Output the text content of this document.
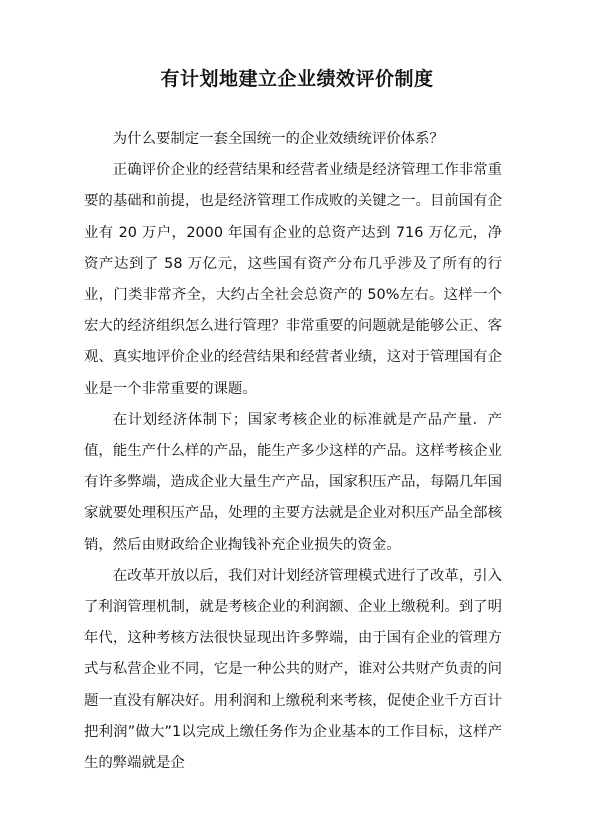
有计划地建立企业绩效评价制度

为什么要制定一套全国统一的企业效绩统评价体系？

正确评价企业的经营结果和经营者业绩是经济管理工作非常重要的基础和前提，也是经济管理工作成败的关键之一。目前国有企业有 20 万户，2000 年国有企业的总资产达到 716 万亿元，净资产达到了 58 万亿元，这些国有资产分布几乎涉及了所有的行业，门类非常齐全，大约占全社会总资产的 50%左右。这样一个宏大的经济组织怎么进行管理？非常重要的问题就是能够公正、客观、真实地评价企业的经营结果和经营者业绩，这对于管理国有企业是一个非常重要的课题。

在计划经济体制下；国家考核企业的标准就是产品产量．产值，能生产什么样的产品，能生产多少这样的产品。这样考核企业有许多弊端，造成企业大量生产产品，国家积压产品，每隔几年国家就要处理积压产品，处理的主要方法就是企业对积压产品全部核销，然后由财政给企业掏钱补充企业损失的资金。

在改革开放以后，我们对计划经济管理模式进行了改革，引入了利润管理机制，就是考核企业的利润额、企业上缴税利。到了明年代，这种考核方法很快显现出许多弊端，由于国有企业的管理方式与私营企业不同，它是一种公共的财产，谁对公共财产负责的问题一直没有解决好。用利润和上缴税利来考核，促使企业千方百计把利润”做大”1以完成上缴任务作为企业基本的工作目标，这样产生的弊端就是企
